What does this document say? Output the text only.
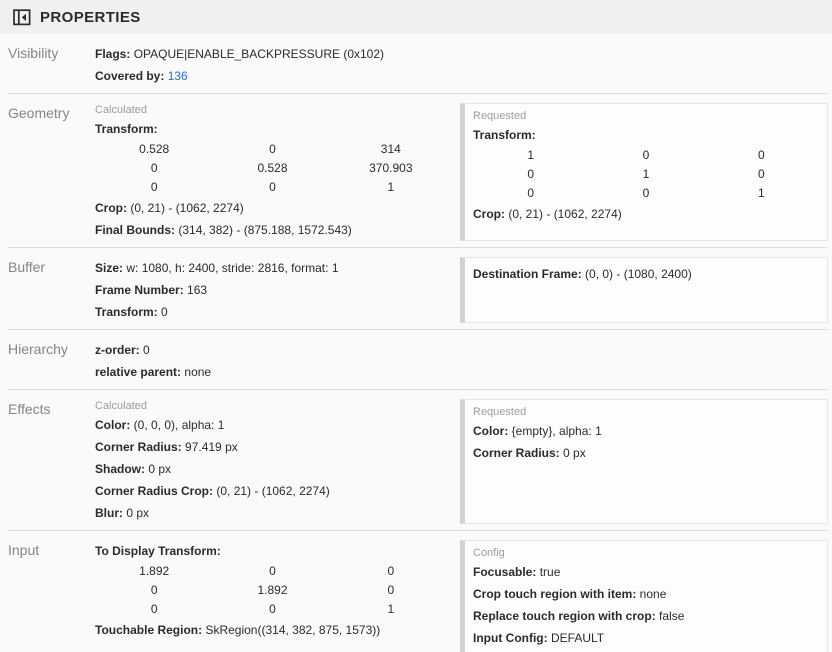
PROPERTIES
Visibility	Flags: OPAQUE|ENABLE_BACKPRESSURE (0x102)
Covered by: 136
Geometry	Calculated
Transform:
0.528	0	314
0	0.528	370.903
0	0	1
Crop: (0, 21) - (1062, 2274)
Final Bounds: (314, 382) - (875.188, 1572.543)
Requested
Transform:
1	0	0
0	1	0
0	0	1
Crop: (0, 21) - (1062, 2274)
Buffer	Size: w: 1080, h: 2400, stride: 2816, format: 1
Frame Number: 163
Transform: 0
Destination Frame: (0, 0) - (1080, 2400)
Hierarchy	z-order: 0
relative parent: none
Effects	Calculated
Color: (0, 0, 0), alpha: 1
Corner Radius: 97.419 px
Shadow: 0 px
Corner Radius Crop: (0, 21) - (1062, 2274)
Blur: 0 px
Requested
Color: {empty}, alpha: 1
Corner Radius: 0 px
Input	To Display Transform:
1.892	0	0
0	1.892	0
0	0	1
Touchable Region: SkRegion((314, 382, 875, 1573))
Config
Focusable: true
Crop touch region with item: none
Replace touch region with crop: false
Input Config: DEFAULT
